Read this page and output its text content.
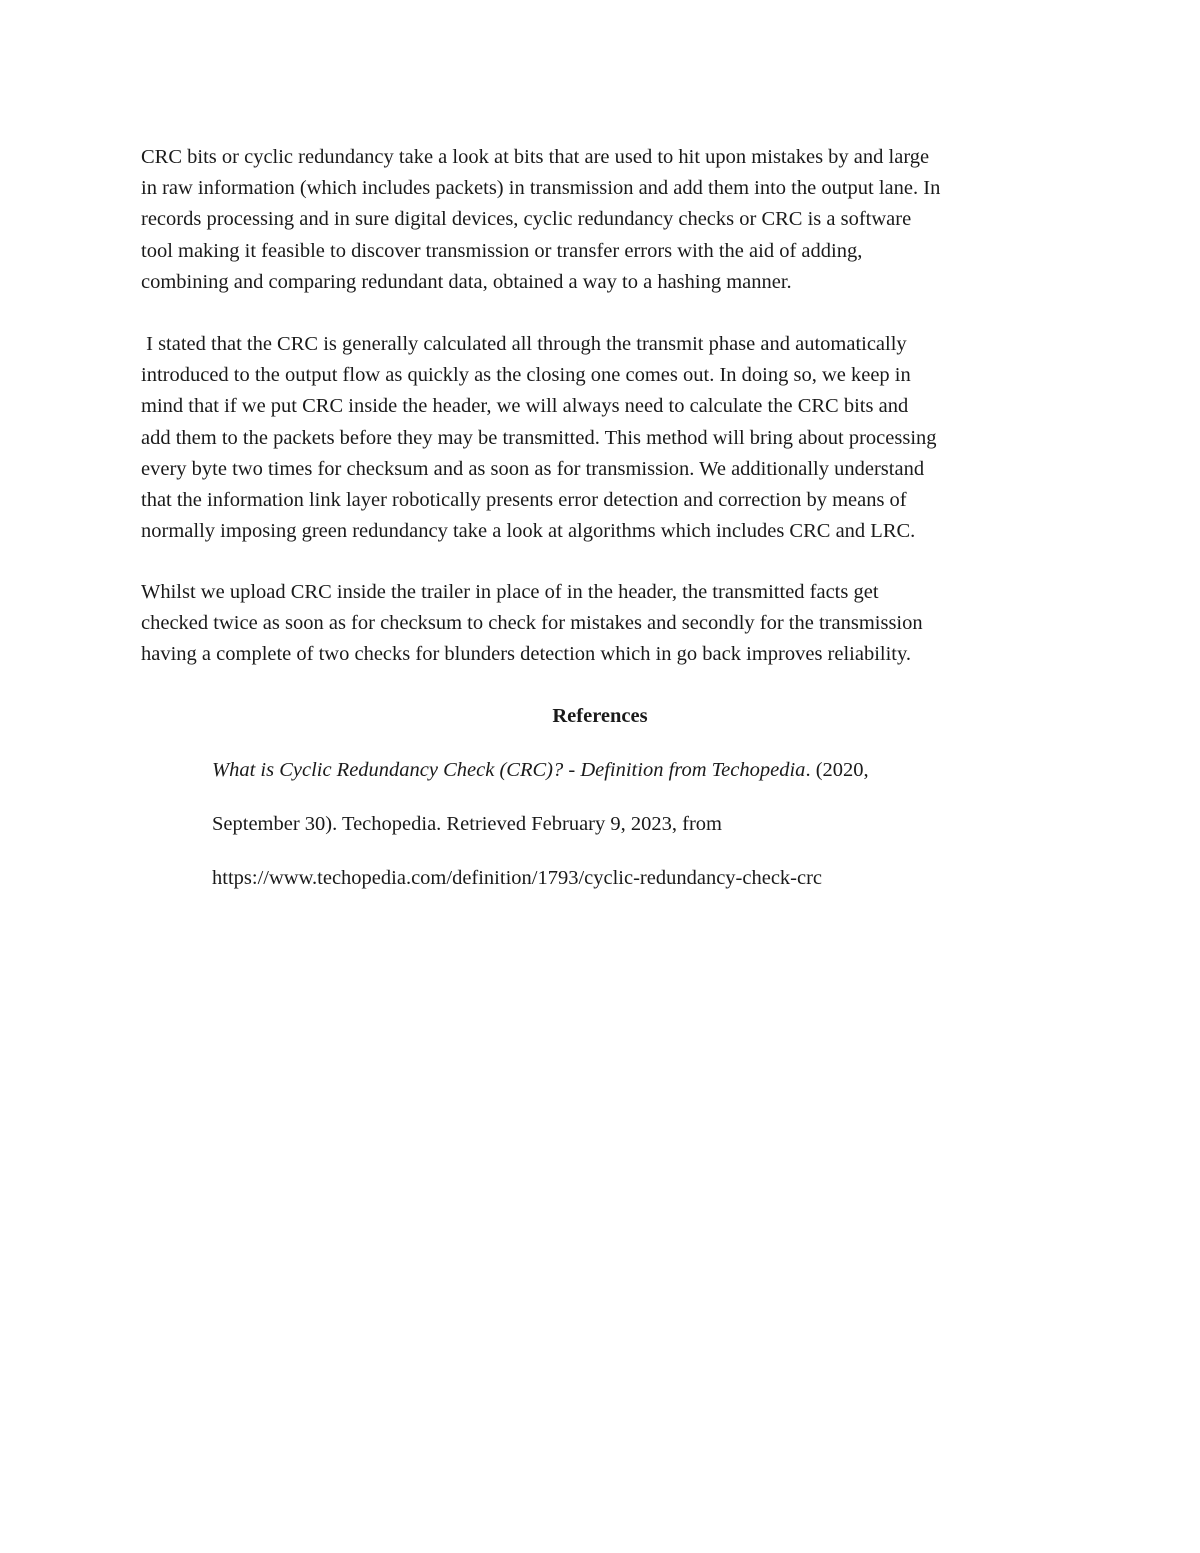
CRC bits or cyclic redundancy take a look at bits that are used to hit upon mistakes by and large
in raw information (which includes packets) in transmission and add them into the output lane. In
records processing and in sure digital devices, cyclic redundancy checks or CRC is a software
tool making it feasible to discover transmission or transfer errors with the aid of adding,
combining and comparing redundant data, obtained a way to a hashing manner.

I stated that the CRC is generally calculated all through the transmit phase and automatically
introduced to the output flow as quickly as the closing one comes out. In doing so, we keep in
mind that if we put CRC inside the header, we will always need to calculate the CRC bits and
add them to the packets before they may be transmitted. This method will bring about processing
every byte two times for checksum and as soon as for transmission. We additionally understand
that the information link layer robotically presents error detection and correction by means of
normally imposing green redundancy take a look at algorithms which includes CRC and LRC.

Whilst we upload CRC inside the trailer in place of in the header, the transmitted facts get
checked twice as soon as for checksum to check for mistakes and secondly for the transmission
having a complete of two checks for blunders detection which in go back improves reliability.

References

What is Cyclic Redundancy Check (CRC)? - Definition from Techopedia. (2020,

September 30). Techopedia. Retrieved February 9, 2023, from

https://www.techopedia.com/definition/1793/cyclic-redundancy-check-crc
